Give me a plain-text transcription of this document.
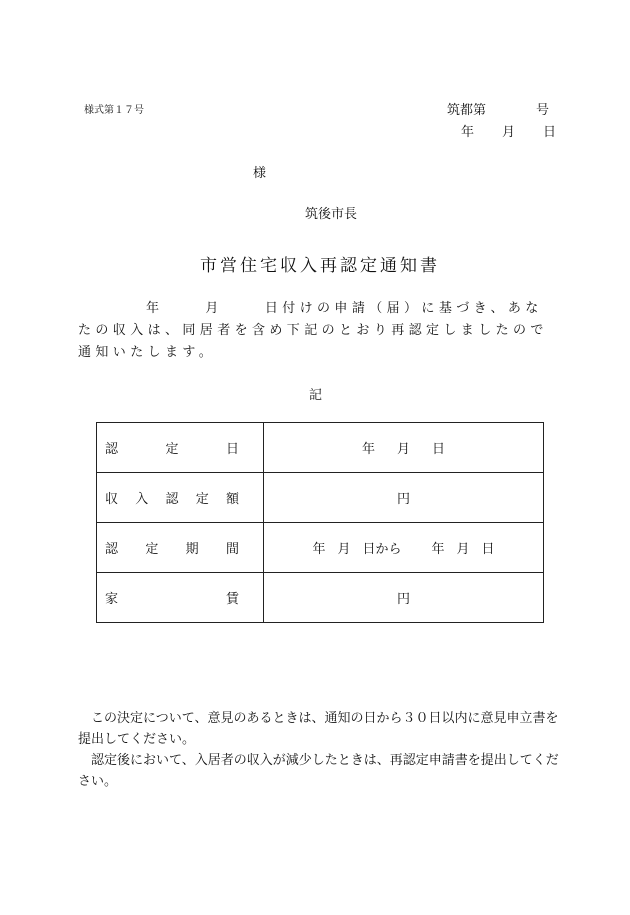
様式第１７号	筑都第	号
年 月 日
様
筑後市長
市営住宅収入再認定通知書
年	月	日付けの申請（届）に基づき、あなたの収入は、同居者を含め下記のとおり再認定しましたので通知いたします。
記
認 定 日	年 月 日

収 入 認 定 額	円

認 定 期 間	年 月 日から 年 月 日

家 賃	円

この決定について、意見のあるときは、通知の日から３０日以内に意見申立書を提出してください。

認定後において、入居者の収入が減少したときは、再認定申請書を提出してください。
